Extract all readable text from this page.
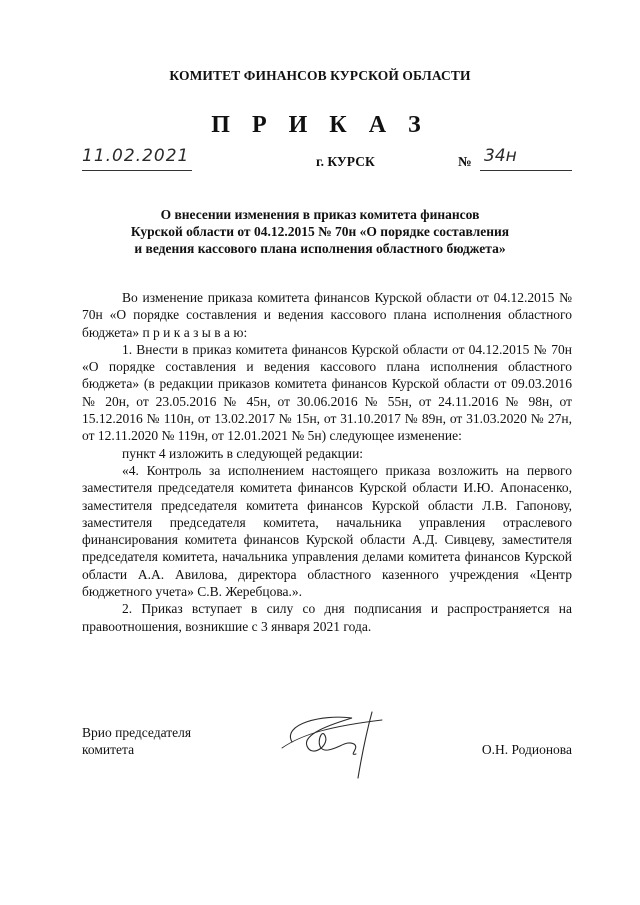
КОМИТЕТ ФИНАНСОВ КУРСКОЙ ОБЛАСТИ
П Р И К А З
11.02.2021	г. КУРСК	№ 34н
О внесении изменения в приказ комитета финансов
Курской области от 04.12.2015 № 70н «О порядке составления
и ведения кассового плана исполнения областного бюджета»

Во изменение приказа комитета финансов Курской области от 04.12.2015 № 70н «О порядке составления и ведения кассового плана исполнения областного бюджета» п р и к а з ы в а ю:

1. Внести в приказ комитета финансов Курской области от 04.12.2015 № 70н «О порядке составления и ведения кассового плана исполнения областного бюджета» (в редакции приказов комитета финансов Курской области от 09.03.2016 № 20н, от 23.05.2016 № 45н, от 30.06.2016 № 55н, от 24.11.2016 № 98н, от 15.12.2016 № 110н, от 13.02.2017 № 15н, от 31.10.2017 № 89н, от 31.03.2020 № 27н, от 12.11.2020 № 119н, от 12.01.2021 № 5н) следующее изменение:

пункт 4 изложить в следующей редакции:

«4. Контроль за исполнением настоящего приказа возложить на первого заместителя председателя комитета финансов Курской области И.Ю. Апонасенко, заместителя председателя комитета финансов Курской области Л.В. Гапонову, заместителя председателя комитета, начальника управления отраслевого финансирования комитета финансов Курской области А.Д. Сивцеву, заместителя председателя комитета, начальника управления делами комитета финансов Курской области А.А. Авилова, директора областного казенного учреждения «Центр бюджетного учета» С.В. Жеребцова.».

2. Приказ вступает в силу со дня подписания и распространяется на правоотношения, возникшие с 3 января 2021 года.

Врио председателя
комитета	О.Н. Родионова
